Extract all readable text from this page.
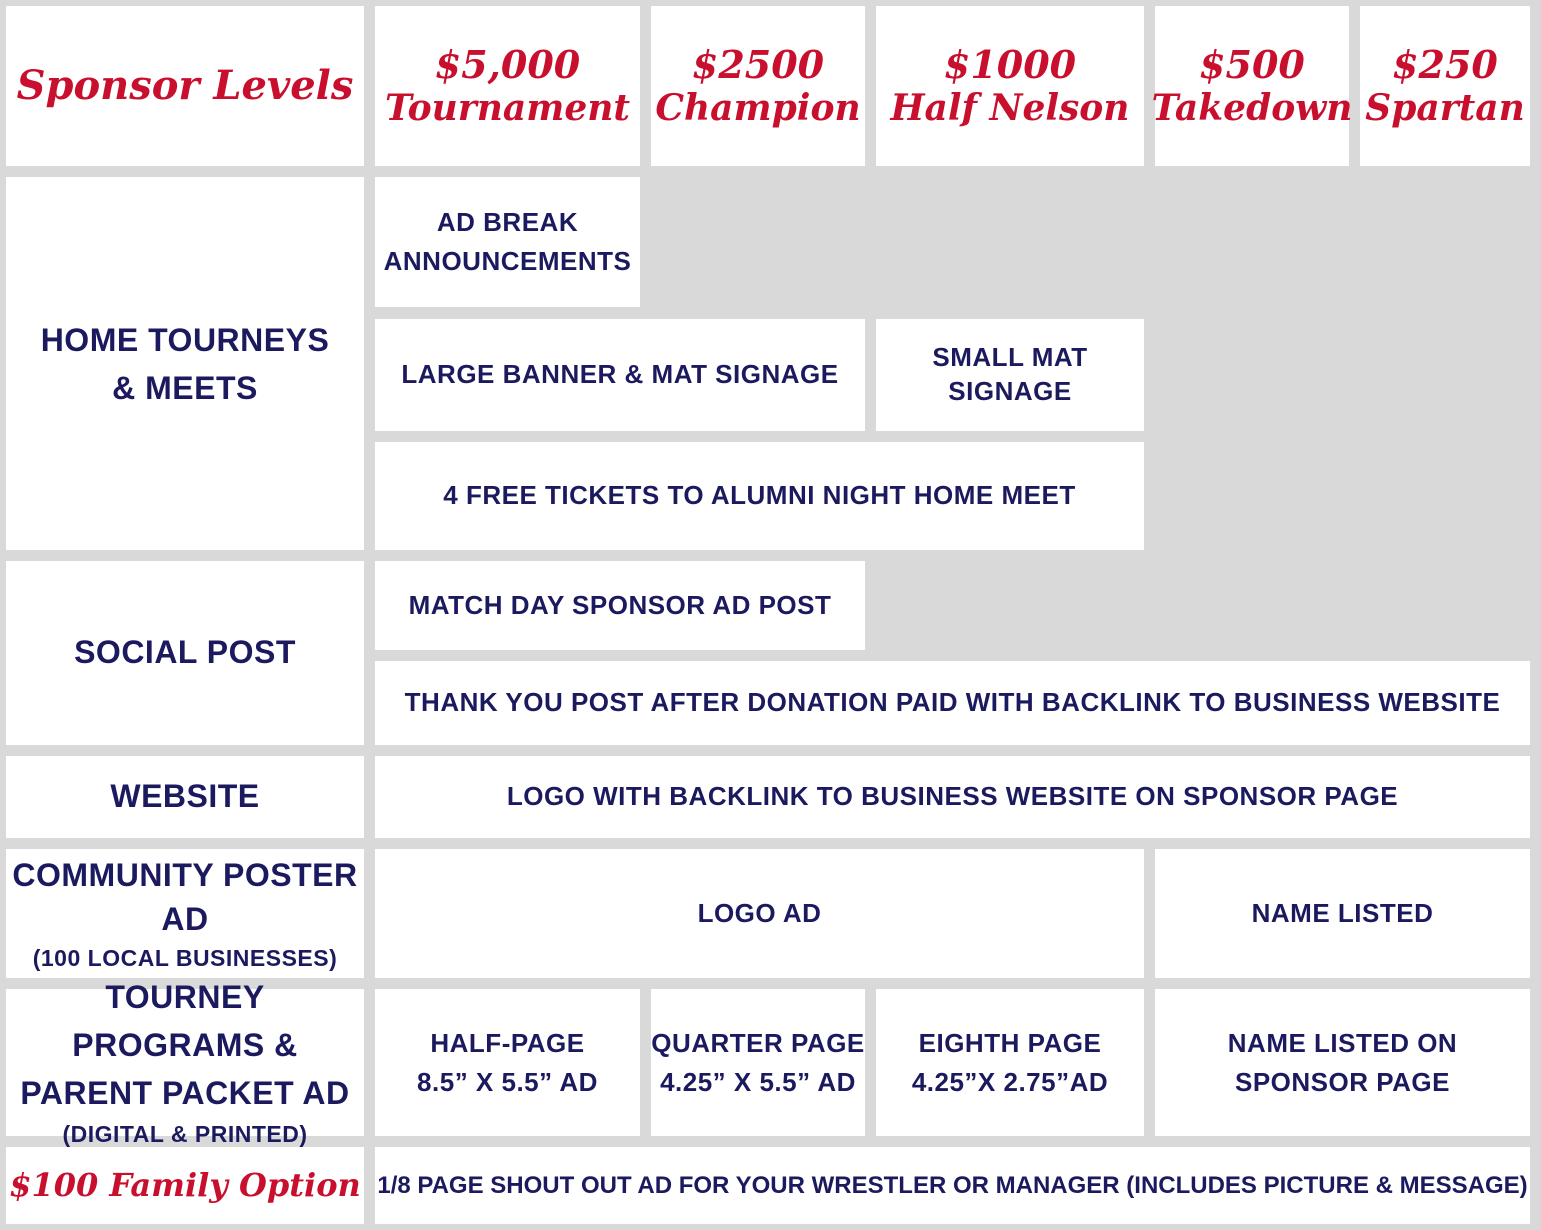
Sponsor Levels $5,000
Tournament
$2500
Champion
$1000
Half Nelson
$500
Takedown
$250
Spartan
HOME TOURNEYS
& MEETS
AD BREAK
ANNOUNCEMENTS
LARGE BANNER & MAT SIGNAGE
SMALL MAT SIGNAGE
4 FREE TICKETS TO ALUMNI NIGHT HOME MEET
SOCIAL POST
MATCH DAY SPONSOR AD POST
THANK YOU POST AFTER DONATION PAID WITH BACKLINK TO BUSINESS WEBSITE
WEBSITE	LOGO WITH BACKLINK TO BUSINESS WEBSITE ON SPONSOR PAGE
COMMUNITY POSTER AD
(100 LOCAL BUSINESSES)
LOGO AD	NAME LISTED
TOURNEY PROGRAMS &
PARENT PACKET AD
(DIGITAL & PRINTED)
HALF-PAGE
8.5” X 5.5” AD
QUARTER PAGE
4.25” X 5.5” AD
EIGHTH PAGE
4.25”X 2.75”AD
NAME LISTED ON
SPONSOR PAGE
$100 Family Option 1/8 PAGE SHOUT OUT AD FOR YOUR WRESTLER OR MANAGER (INCLUDES PICTURE & MESSAGE)
